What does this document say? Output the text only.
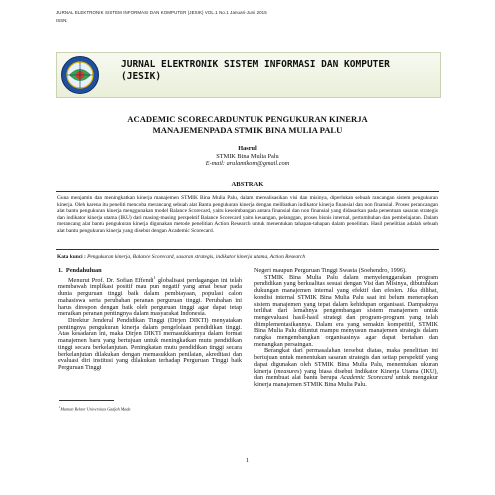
JURNAL ELEKTRONIK SISTEM INFORMASI DAN KOMPUTER (JESIK) VOL.1 No.1 Januari-Juni 2015
ISSN:
JURNAL ELEKTRONIK SISTEM INFORMASI DAN KOMPUTER
(JESIK)
ACADEMIC SCORECARDUNTUK PENGUKURAN KINERJA
MANAJEMENPADA STMIK BINA MULIA PALU
Hasrul
STMIK Bina Mulia Palu
E-mail: arulamikom@gmail.com
ABSTRAK
Guna menjamin dan meningkatkan kinerja manajemen STMIK Bina Mulia Palu, dalam merealisasikan visi dan misinya, diperlukan sebuah rancangan sistem pengukuran kinerja. Oleh karena itu peneliti mencoba merancang sebuah alat Bantu pengukuran kinerja dengan melibatkan indikator kinerja finansial dan non finansial. Proses perancangan alat bantu pengukuran kinerja menggunakan model Balance Scorecard, yaitu keseimbangan antara finansial dan non finansial yang didasarkan pada penentuan sasaran strategis dan indikator kinerja utama (IKU) dari masing-masing perspektif Balance Scorecard yaitu keuangan, pelanggan, proses bisnis internal, pertumbuhan dan pembelajaran. Dalam merancang alat bantu pengukuran kinerja digunakan metode penelitian Action Research untuk menentukan tahapan-tahapan dalam penelitian. Hasil penelitian adalah sebuah alat bantu pengukuran kinerja yang disebut dengan Academic Scorecard.
Kata kunci : Pengukuran kinerja, Balance Scorecard, sasaran strategis, indikator kinerja utama, Action Research
1. Pendahuluan

Menurut Prof. Dr. Sofian Effendi$^1$ globalisasi perdagangan ini telah membawah implikasi positif mau pun negatif yang amat besar pada dunia perguruan tinggi baik dalam pembiayaan, populasi calon mahasiswa serta perubahan peranan perguruan tinggi. Perubahan ini harus direspon dengan baik oleh perguruan tinggi agar dapat tetap meraikan peranan pentingnya dalam masyarakat Indonesia.

Direktur Jenderal Pendidikan Tinggi (Dirjen DIKTI) menyatakan pentingnya pengukuran kinerja dalam pengelolaan pendidikan tinggi. Atas kesadaran ini, maka Dirjen DIKTI memasukkannya dalam format manajemen baru yang bertujuan untuk meningkatkan mutu pendidikan tinggi secara berkelanjutan. Peningkatan mutu pendidikan tinggi secara berkelanjutan dilakukan dengan memasukkan penilaian, akreditasi dan evaluasi diri institusi yang dilakukan terhadap Perguruan Tinggi baik Perguruan Tinggi

Negeri maupun Perguruan Tinggi Swasta (Soehendro, 1996).

STMIK Bina Mulia Palu dalam menyelenggarakan program pendidikan yang berkualitas sesuai dengan Visi dan Misinya, dibutuhkan dukungan manajemen internal yang efektif dan efesien. Jika dilihat, kondisi internal STMIK Bina Mulia Palu saat ini belum menerapkan sistem manajemen yang tepat dalam kehidupan organisasi. Dampaknya terlihat dari lemahnya pengembangan sistem manajemen untuk mengevaluasi hasil-hasil strategi dan program-program yang telah diimplementasikannya. Dalam era yang semakin kompetitif, STMIK Bina Mulia Palu dituntut mampu menyusun manajemen strategis dalam rangka mengembangkan organisasinya agar dapat bertahan dan menangkan persaingan.

Berangkat dari permasalahan tersebut diatas, maka penelitian ini bertujuan untuk menentukan sasaran strategis dan setiap perspektif yang dapat digunakan oleh STMIK Bina Mulia Palu, menentukan ukuran kinerja (measures) yang biasa disebut Indikator Kinerja Utama (IKU), dan membuat alat bantu berupa Academic Scorecard untuk mengukur kinerja manajemen STMIK Bina Mulia Palu.

$^1$Mantan Rektor Universitas Gadjah Mada
1
